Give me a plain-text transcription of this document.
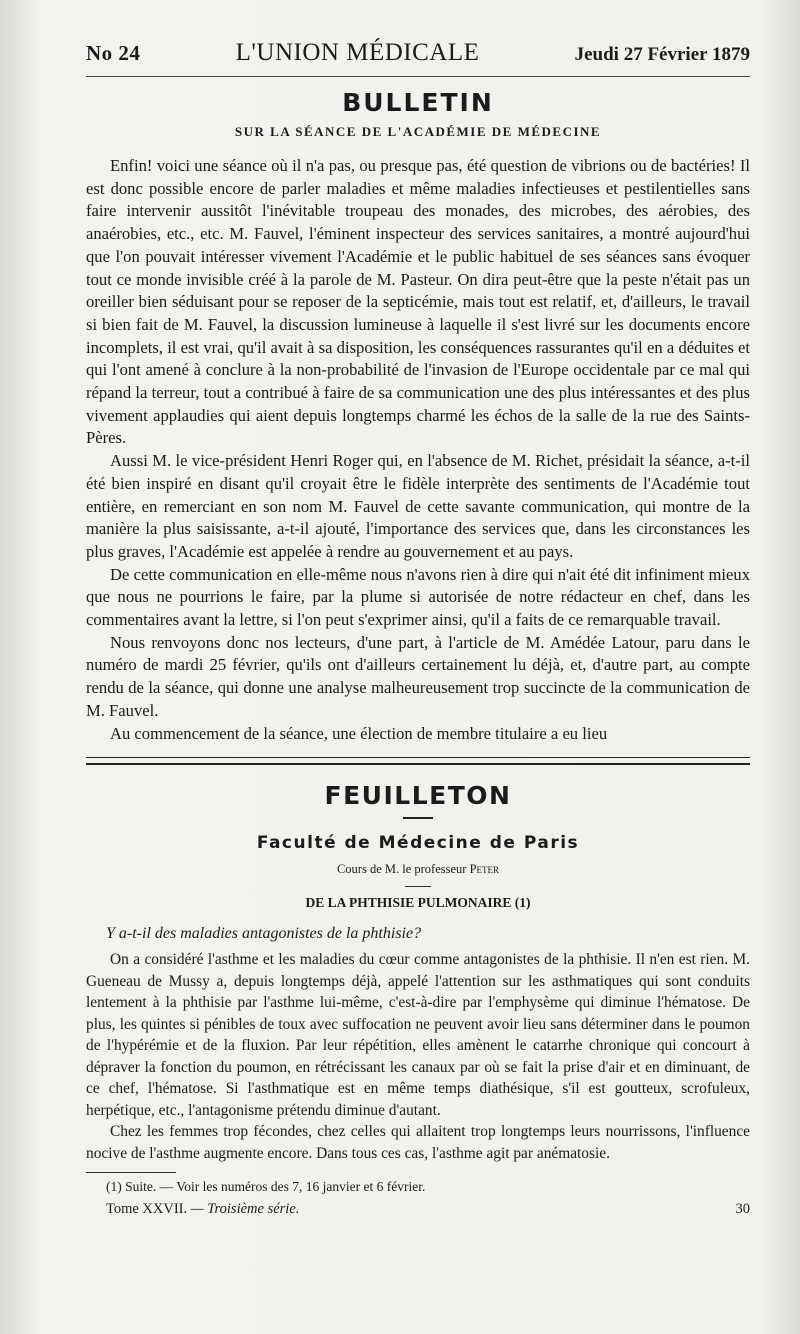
No 24	L'UNION MÉDICALE	Jeudi 27 Février 1879
BULLETIN
SUR LA SÉANCE DE L'ACADÉMIE DE MÉDECINE

Enfin! voici une séance où il n'a pas, ou presque pas, été question de vibrions ou de bactéries! Il est donc possible encore de parler maladies et même maladies infectieuses et pestilentielles sans faire intervenir aussitôt l'inévitable troupeau des monades, des microbes, des aérobies, des anaérobies, etc., etc. M. Fauvel, l'éminent inspecteur des services sanitaires, a montré aujourd'hui que l'on pouvait intéresser vivement l'Académie et le public habituel de ses séances sans évoquer tout ce monde invisible créé à la parole de M. Pasteur. On dira peut-être que la peste n'était pas un oreiller bien séduisant pour se reposer de la septicémie, mais tout est relatif, et, d'ailleurs, le travail si bien fait de M. Fauvel, la discussion lumineuse à laquelle il s'est livré sur les documents encore incomplets, il est vrai, qu'il avait à sa disposition, les conséquences rassurantes qu'il en a déduites et qui l'ont amené à conclure à la non-probabilité de l'invasion de l'Europe occidentale par ce mal qui répand la terreur, tout a contribué à faire de sa communication une des plus intéressantes et des plus vivement applaudies qui aient depuis longtemps charmé les échos de la salle de la rue des Saints-Pères.

Aussi M. le vice-président Henri Roger qui, en l'absence de M. Richet, présidait la séance, a-t-il été bien inspiré en disant qu'il croyait être le fidèle interprète des sentiments de l'Académie tout entière, en remerciant en son nom M. Fauvel de cette savante communication, qui montre de la manière la plus saisissante, a-t-il ajouté, l'importance des services que, dans les circonstances les plus graves, l'Académie est appelée à rendre au gouvernement et au pays.

De cette communication en elle-même nous n'avons rien à dire qui n'ait été dit infiniment mieux que nous ne pourrions le faire, par la plume si autorisée de notre rédacteur en chef, dans les commentaires avant la lettre, si l'on peut s'exprimer ainsi, qu'il a faits de ce remarquable travail.

Nous renvoyons donc nos lecteurs, d'une part, à l'article de M. Amédée Latour, paru dans le numéro de mardi 25 février, qu'ils ont d'ailleurs certainement lu déjà, et, d'autre part, au compte rendu de la séance, qui donne une analyse malheureusement trop succincte de la communication de M. Fauvel.

Au commencement de la séance, une élection de membre titulaire a eu lieu

FEUILLETON
Faculté de Médecine de Paris
Cours de M. le professeur Peter
DE LA PHTHISIE PULMONAIRE (1)
Y a-t-il des maladies antagonistes de la phthisie?

On a considéré l'asthme et les maladies du cœur comme antagonistes de la phthisie. Il n'en est rien. M. Gueneau de Mussy a, depuis longtemps déjà, appelé l'attention sur les asthmatiques qui sont conduits lentement à la phthisie par l'asthme lui-même, c'est-à-dire par l'emphysème qui diminue l'hématose. De plus, les quintes si pénibles de toux avec suffocation ne peuvent avoir lieu sans déterminer dans le poumon de l'hypérémie et de la fluxion. Par leur répétition, elles amènent le catarrhe chronique qui concourt à dépraver la fonction du poumon, en rétrécissant les canaux par où se fait la prise d'air et en diminuant, de ce chef, l'hématose. Si l'asthmatique est en même temps diathésique, s'il est goutteux, scrofuleux, herpétique, etc., l'antagonisme prétendu diminue d'autant.

Chez les femmes trop fécondes, chez celles qui allaitent trop longtemps leurs nourrissons, l'influence nocive de l'asthme augmente encore. Dans tous ces cas, l'asthme agit par anématosie.

(1) Suite. — Voir les numéros des 7, 16 janvier et 6 février.
Tome XXVII. — Troisième série.	30
